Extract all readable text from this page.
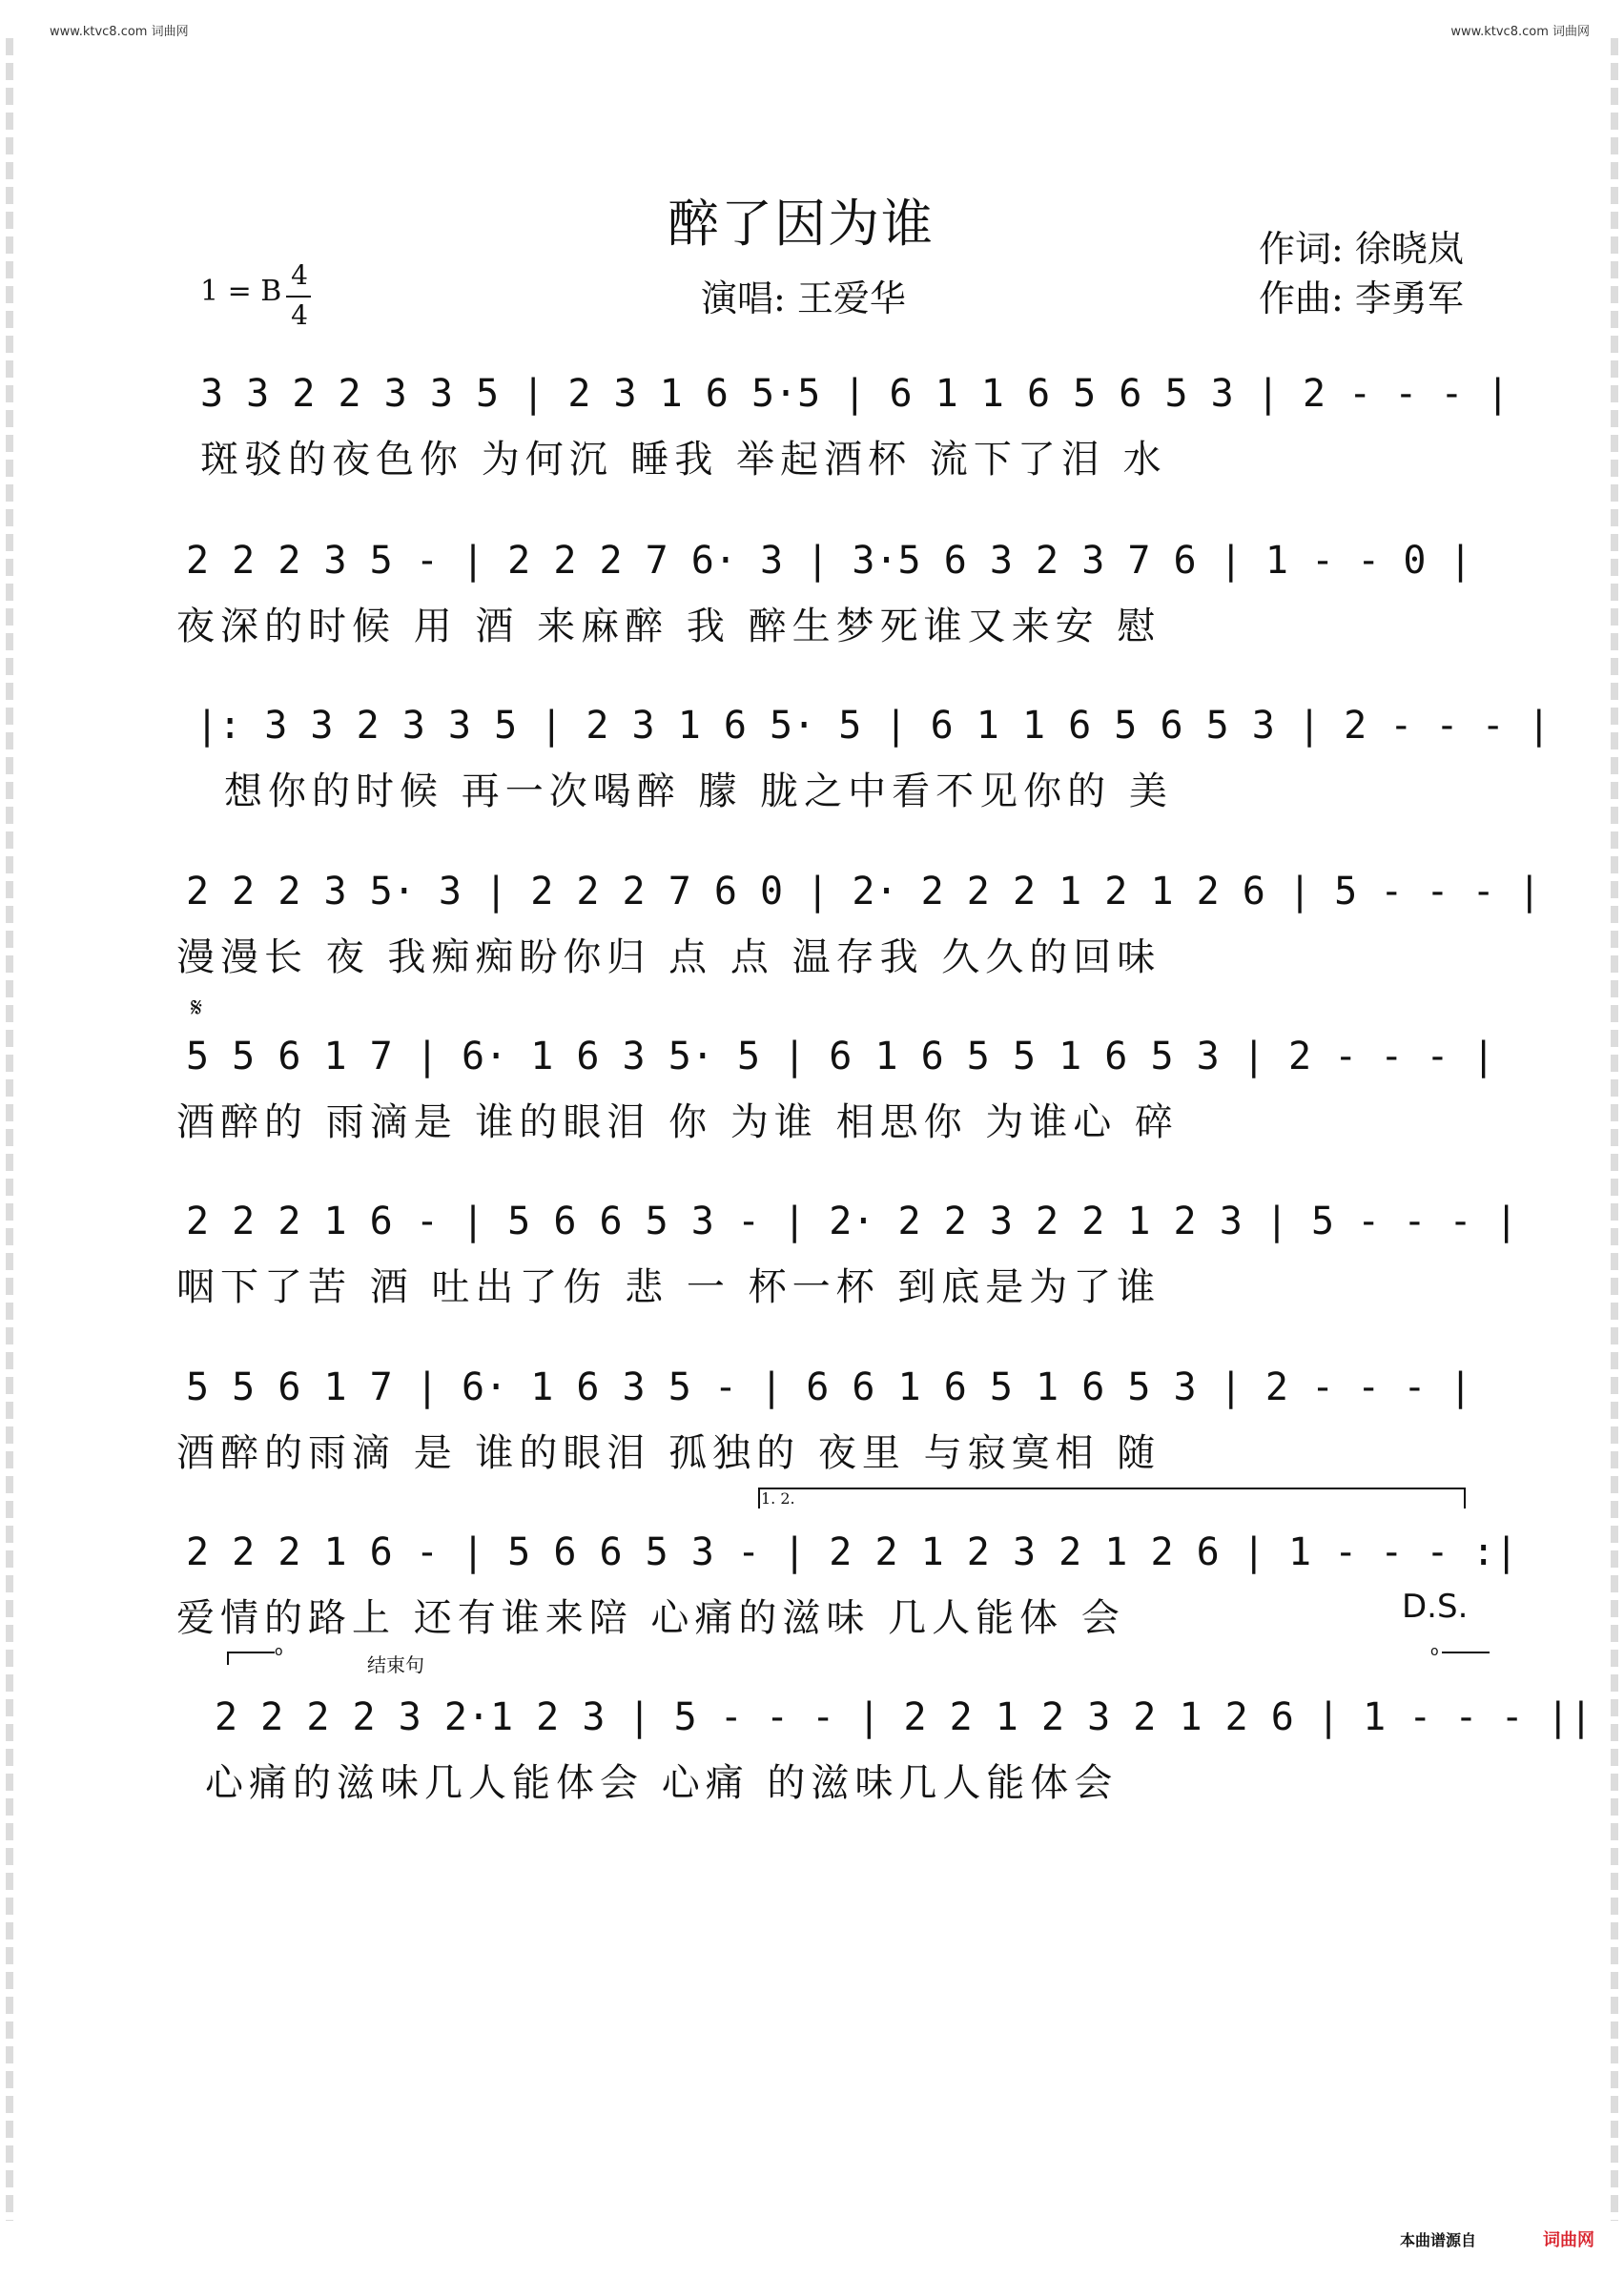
www.ktvc8.com 词曲网	www.ktvc8.com 词曲网
醉了因为谁
演唱: 王爱华
作词: 徐晓岚
作曲: 李勇军
1 = B 4
4
3 3 2 2 3 3 5 | 2 3 1 6 5·5 | 6 1 1 6 5 6 5 3 | 2 - - - |
斑驳的夜色你 为何沉 睡我 举起酒杯 流下了泪 水
2 2 2 3 5 - | 2 2 2 7 6· 3 | 3·5 6 3 2 3 7 6 | 1 - - 0 |
夜深的时候 用 酒 来麻醉 我 醉生梦死谁又来安 慰
|: 3 3 2 3 3 5 | 2 3 1 6 5· 5 | 6 1 1 6 5 6 5 3 | 2 - - - |
想你的时候 再一次喝醉 朦 胧之中看不见你的 美
2 2 2 3 5· 3 | 2 2 2 7 6 0 | 2· 2 2 2 1 2 1 2 6 | 5 - - - |
漫漫长 夜 我痴痴盼你归 点 点 温存我 久久的回味
𝄋
5 5 6 1 7 | 6· 1 6 3 5· 5 | 6 1 6 5 5 1 6 5 3 | 2 - - - |
酒醉的 雨滴是 谁的眼泪 你 为谁 相思你 为谁心 碎
2 2 2 1 6 - | 5 6 6 5 3 - | 2· 2 2 3 2 2 1 2 3 | 5 - - - |
咽下了苦 酒 吐出了伤 悲 一 杯一杯 到底是为了谁
5 5 6 1 7 | 6· 1 6 3 5 - | 6 6 1 6 5 1 6 5 3 | 2 - - - |
酒醉的雨滴 是 谁的眼泪 孤独的 夜里 与寂寞相 随
1. 2.
2 2 2 1 6 - | 5 6 6 5 3 - | 2 2 1 2 3 2 1 2 6 | 1 - - - :|
爱情的路上 还有谁来陪 心痛的滋味 几人能体 会	D.S.
o
结束句
o
2 2 2 2 3 2·1 2 3 | 5 - - - | 2 2 1 2 3 2 1 2 6 | 1 - - - ||
心痛的滋味几人能体会 心痛 的滋味几人能体会
本曲谱源自	词曲网
